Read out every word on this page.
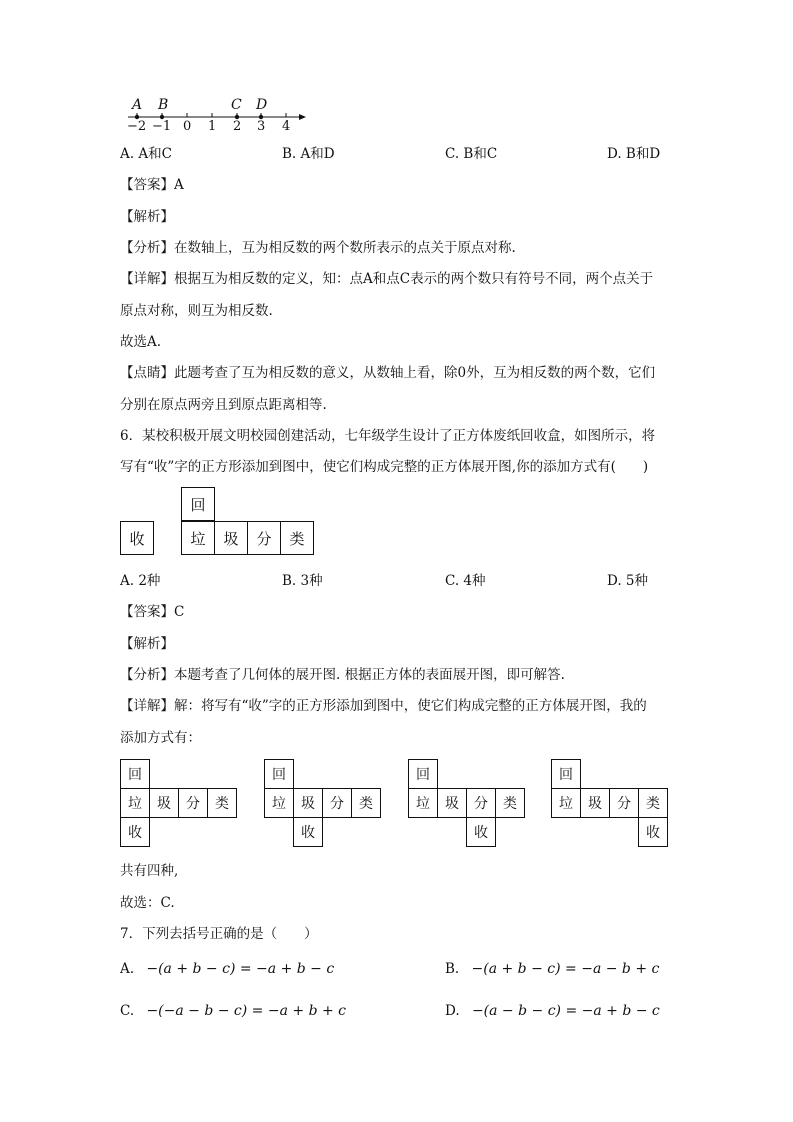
A B	C D
−2 −1 0 1 2 3 4
A. A和C	B. A和D	C. B和C	D. B和D
【答案】A
【解析】
【分析】在数轴上，互为相反数的两个数所表示的点关于原点对称.
【详解】根据互为相反数的定义，知：点A和点C表示的两个数只有符号不同，两个点关于
原点对称，则互为相反数.
故选A.
【点睛】此题考查了互为相反数的意义，从数轴上看，除0外，互为相反数的两个数，它们
分别在原点两旁且到原点距离相等.
6．某校积极开展文明校园创建活动，七年级学生设计了正方体废纸回收盒，如图所示，将
写有“收”字的正方形添加到图中，使它们构成完整的正方体展开图,你的添加方式有(　　)
收
回
垃	圾	分	类
A. 2种	B. 3种	C. 4种	D. 5种
【答案】C
【解析】
【分析】本题考查了几何体的展开图. 根据正方体的表面展开图，即可解答.
【详解】解：将写有“收”字的正方形添加到图中，使它们构成完整的正方体展开图，我的
添加方式有：
回
垃	圾	分	类
收
回
垃	圾	分	类
收
回
垃	圾	分	类
收
回
垃	圾	分	类
收
共有四种,
故选：C.
7．下列去括号正确的是（　　）
A. −(a + b − c) = −a + b − c	B. −(a + b − c) = −a − b + c
C. −(−a − b − c) = −a + b + c	D. −(a − b − c) = −a + b − c
